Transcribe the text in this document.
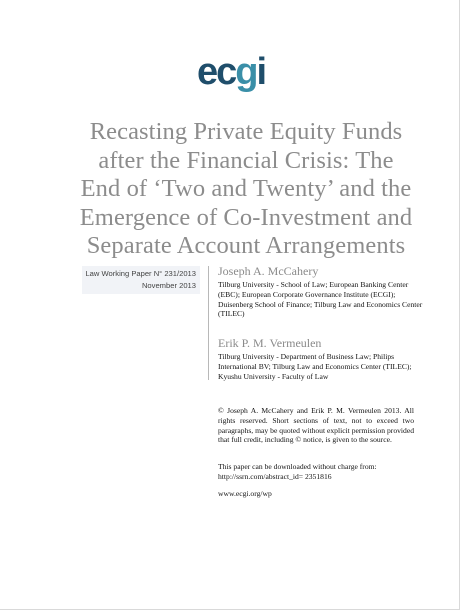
ecgi
Recasting Private Equity Funds
after the Financial Crisis: The
End of ‘Two and Twenty’ and the
Emergence of Co-Investment and
Separate Account Arrangements
Law Working Paper N° 231/2013
November 2013
Joseph A. McCahery
Tilburg University - School of Law; European Banking Center (EBC); European Corporate Governance Institute (ECGI); Duisenberg School of Finance; Tilburg Law and Economics Center (TILEC)
Erik P. M. Vermeulen
Tilburg University - Department of Business Law; Philips International BV; Tilburg Law and Economics Center (TILEC); Kyushu University - Faculty of Law
© Joseph A. McCahery and Erik P. M. Vermeulen 2013. All rights reserved. Short sections of text, not to exceed two paragraphs, may be quoted without explicit permission provided that full credit, including © notice, is given to the source.
This paper can be downloaded without charge from:
http://ssrn.com/abstract_id= 2351816
www.ecgi.org/wp
